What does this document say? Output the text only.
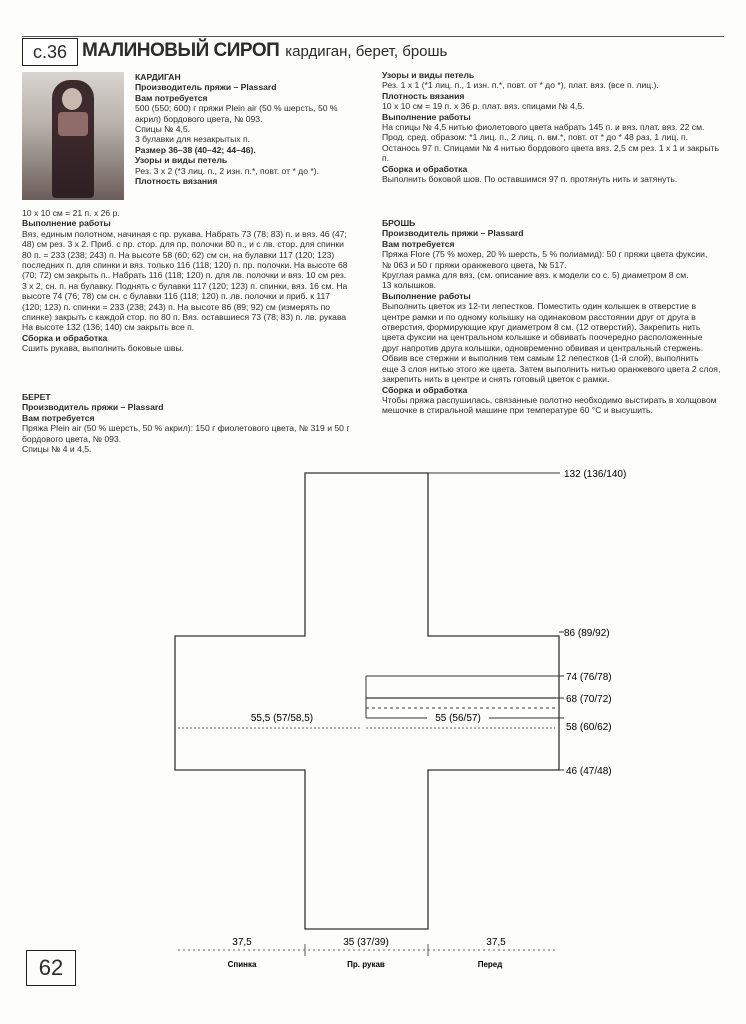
с.36 МАЛИНОВЫЙ СИРОП кардиган, берет, брошь

КАРДИГАН

Производитель пряжи – Plassard

Вам потребуется

500 (550; 600) г пряжи Plein air (50 % шерсть, 50 %

акрил) бордового цвета, № 093.

Спицы № 4,5.

3 булавки для незакрытых п.

Размер 36–38 (40–42; 44–46).

Узоры и виды петель

Рез. 3 х 2 (*3 лиц. п., 2 изн. п.*, повт. от * до *).

Плотность вязания

10 х 10 см = 21 п. х 26 р.

Выполнение работы

Вяз. единым полотном, начиная с пр. рукава. Набрать 73 (78; 83) п. и вяз. 46 (47;

48) см рез. 3 х 2. Приб. с пр. стор. для пр. полочки 80 п., и с лв. стор. для спинки

80 п. = 233 (238; 243) п. На высоте 58 (60; 62) см сн. на булавки 117 (120; 123)

последних п. для спинки и вяз. только 116 (118; 120) п. пр. полочки. На высоте 68

(70; 72) см закрыть п.. Набрать 116 (118; 120) п. для лв. полочки и вяз. 10 см рез.

3 х 2, сн. п. на булавку. Поднять с булавки 117 (120; 123) п. спинки, вяз. 16 см. На

высоте 74 (76; 78) см сн. с булавки 116 (118; 120) п. лв. полочки и приб. к 117

(120; 123) п. спинки = 233 (238; 243) п. На высоте 86 (89; 92) см (измерять по

спинке) закрыть с каждой стор. по 80 п. Вяз. оставшиеся 73 (78; 83) п. лв. рукава

На высоте 132 (136; 140) см закрыть все п.

Сборка и обработка

Сшить рукава, выполнить боковые швы.

БЕРЕТ

Производитель пряжи – Plassard

Вам потребуется

Пряжа Plein air (50 % шерсть, 50 % акрил): 150 г фиолетового цвета, № 319 и 50 г

бордового цвета, № 093.

Спицы № 4 и 4,5.

Узоры и виды петель

Рез. 1 х 1 (*1 лиц. п., 1 изн. п.*, повт. от * до *), плат. вяз. (все п. лиц.).

Плотность вязания

10 х 10 см = 19 п. х 36 р. плат. вяз. спицами № 4,5.

Выполнение работы

На спицы № 4,5 нитью фиолетового цвета набрать 145 п. и вяз. плат. вяз. 22 см.

Прод. сред. образом: *1 лиц. п., 2 лиц. п. вм.*, повт. от * до * 48 раз, 1 лиц. п.

Останось 97 п. Спицами № 4 нитью бордового цвета вяз. 2,5 см рез. 1 х 1 и закрыть

п.

Сборка и обработка

Выполнить боковой шов. По оставшимся 97 п. протянуть нить и затянуть.

БРОШЬ

Производитель пряжи – Plassard

Вам потребуется

Пряжа Flore (75 % мохер, 20 % шерсть, 5 % полиамид): 50 г пряжи цвета фуксии,

№ 063 и 50 г пряжи оранжевого цвета, № 517.

Круглая рамка для вяз. (см. описание вяз. к модели со с. 5) диаметром 8 см.

13 колышков.

Выполнение работы

Выполнить цветок из 12-ти лепестков. Поместить один колышек в отверстие в

центре рамки и по одному колышку на одинаковом расстоянии друг от друга в

отверстия, формирующие круг диаметром 8 см. (12 отверстий). Закрепить нить

цвета фуксии на центральном колышке и обвивать поочередно расположенные

друг напротив друга колышки, одновременно обвивая и центральный стержень.

Обвив все стержни и выполнив тем самым 12 лепестков (1-й слой), выполнить

еще 3 слоя нитью этого же цвета. Затем выполнить нитью оранжевого цвета 2 слоя,

закрепить нить в центре и снять готовый цветок с рамки.

Сборка и обработка

Чтобы пряжа распушилась, связанные полотно необходимо выстирать в холщовом

мешочке в стиральной машине при температуре 60 °C и высушить.

132 (136/140)
86 (89/92)
74 (76/78)
68 (70/72)
58 (60/62)
46 (47/48)
55,5 (57/58,5)	55 (56/57)
37,5	35 (37/39)	37,5
Спинка	Пр. рукав	Перед
62
